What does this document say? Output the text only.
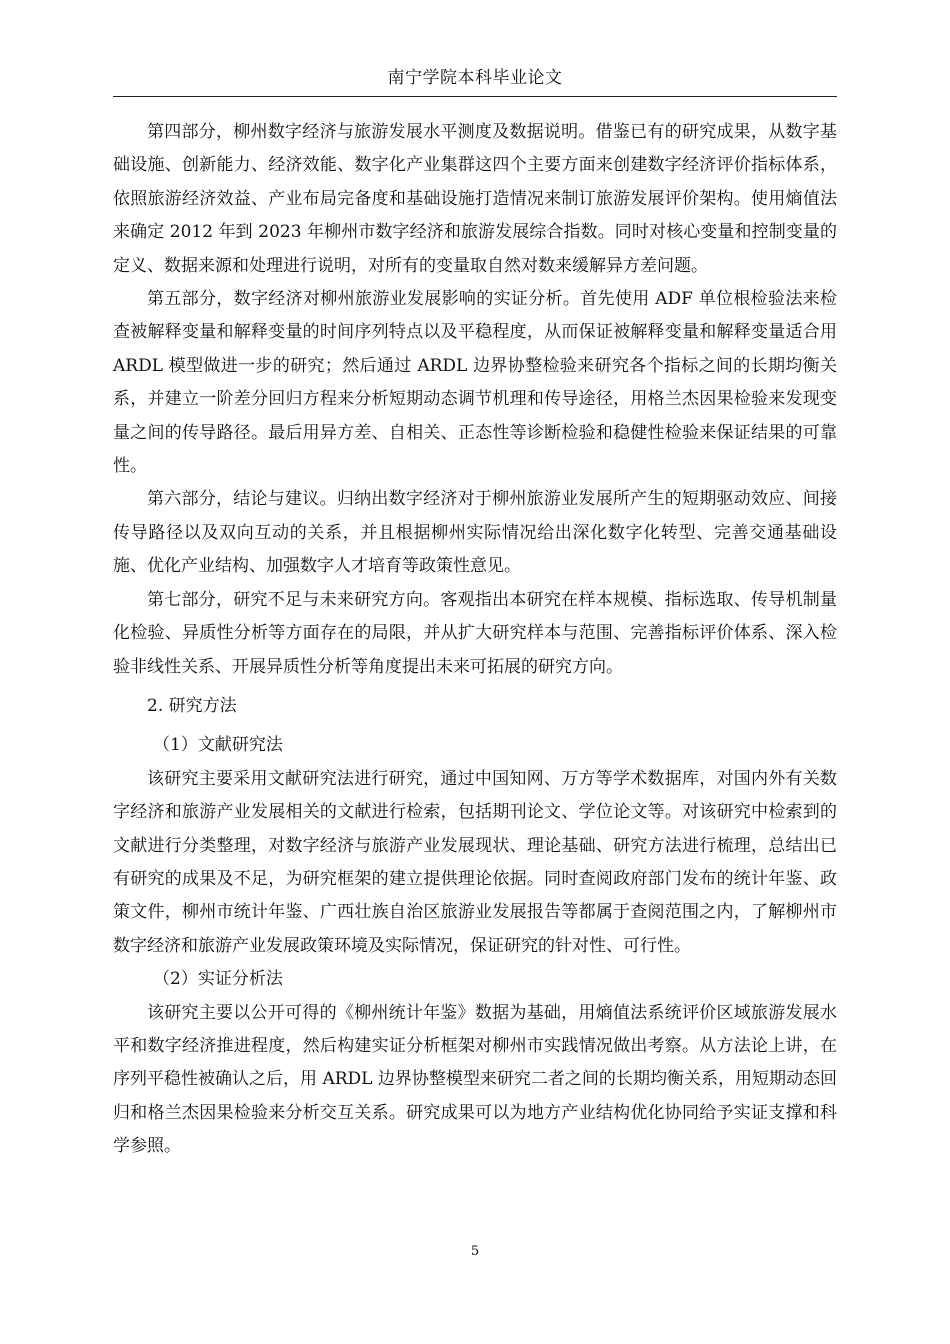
南宁学院本科毕业论文

第四部分，柳州数字经济与旅游发展水平测度及数据说明。借鉴已有的研究成果，从数字基础设施、创新能力、经济效能、数字化产业集群这四个主要方面来创建数字经济评价指标体系，依照旅游经济效益、产业布局完备度和基础设施打造情况来制订旅游发展评价架构。使用熵值法来确定 2012 年到 2023 年柳州市数字经济和旅游发展综合指数。同时对核心变量和控制变量的定义、数据来源和处理进行说明，对所有的变量取自然对数来缓解异方差问题。

第五部分，数字经济对柳州旅游业发展影响的实证分析。首先使用 ADF 单位根检验法来检查被解释变量和解释变量的时间序列特点以及平稳程度，从而保证被解释变量和解释变量适合用 ARDL 模型做进一步的研究；然后通过 ARDL 边界协整检验来研究各个指标之间的长期均衡关系，并建立一阶差分回归方程来分析短期动态调节机理和传导途径，用格兰杰因果检验来发现变量之间的传导路径。最后用异方差、自相关、正态性等诊断检验和稳健性检验来保证结果的可靠性。

第六部分，结论与建议。归纳出数字经济对于柳州旅游业发展所产生的短期驱动效应、间接传导路径以及双向互动的关系，并且根据柳州实际情况给出深化数字化转型、完善交通基础设施、优化产业结构、加强数字人才培育等政策性意见。

第七部分，研究不足与未来研究方向。客观指出本研究在样本规模、指标选取、传导机制量化检验、异质性分析等方面存在的局限，并从扩大研究样本与范围、完善指标评价体系、深入检验非线性关系、开展异质性分析等角度提出未来可拓展的研究方向。

2. 研究方法

（1）文献研究法

该研究主要采用文献研究法进行研究，通过中国知网、万方等学术数据库，对国内外有关数字经济和旅游产业发展相关的文献进行检索，包括期刊论文、学位论文等。对该研究中检索到的文献进行分类整理，对数字经济与旅游产业发展现状、理论基础、研究方法进行梳理，总结出已有研究的成果及不足，为研究框架的建立提供理论依据。同时查阅政府部门发布的统计年鉴、政策文件，柳州市统计年鉴、广西壮族自治区旅游业发展报告等都属于查阅范围之内，了解柳州市数字经济和旅游产业发展政策环境及实际情况，保证研究的针对性、可行性。

（2）实证分析法

该研究主要以公开可得的《柳州统计年鉴》数据为基础，用熵值法系统评价区域旅游发展水平和数字经济推进程度，然后构建实证分析框架对柳州市实践情况做出考察。从方法论上讲，在序列平稳性被确认之后，用 ARDL 边界协整模型来研究二者之间的长期均衡关系，用短期动态回归和格兰杰因果检验来分析交互关系。研究成果可以为地方产业结构优化协同给予实证支撑和科学参照。

5
